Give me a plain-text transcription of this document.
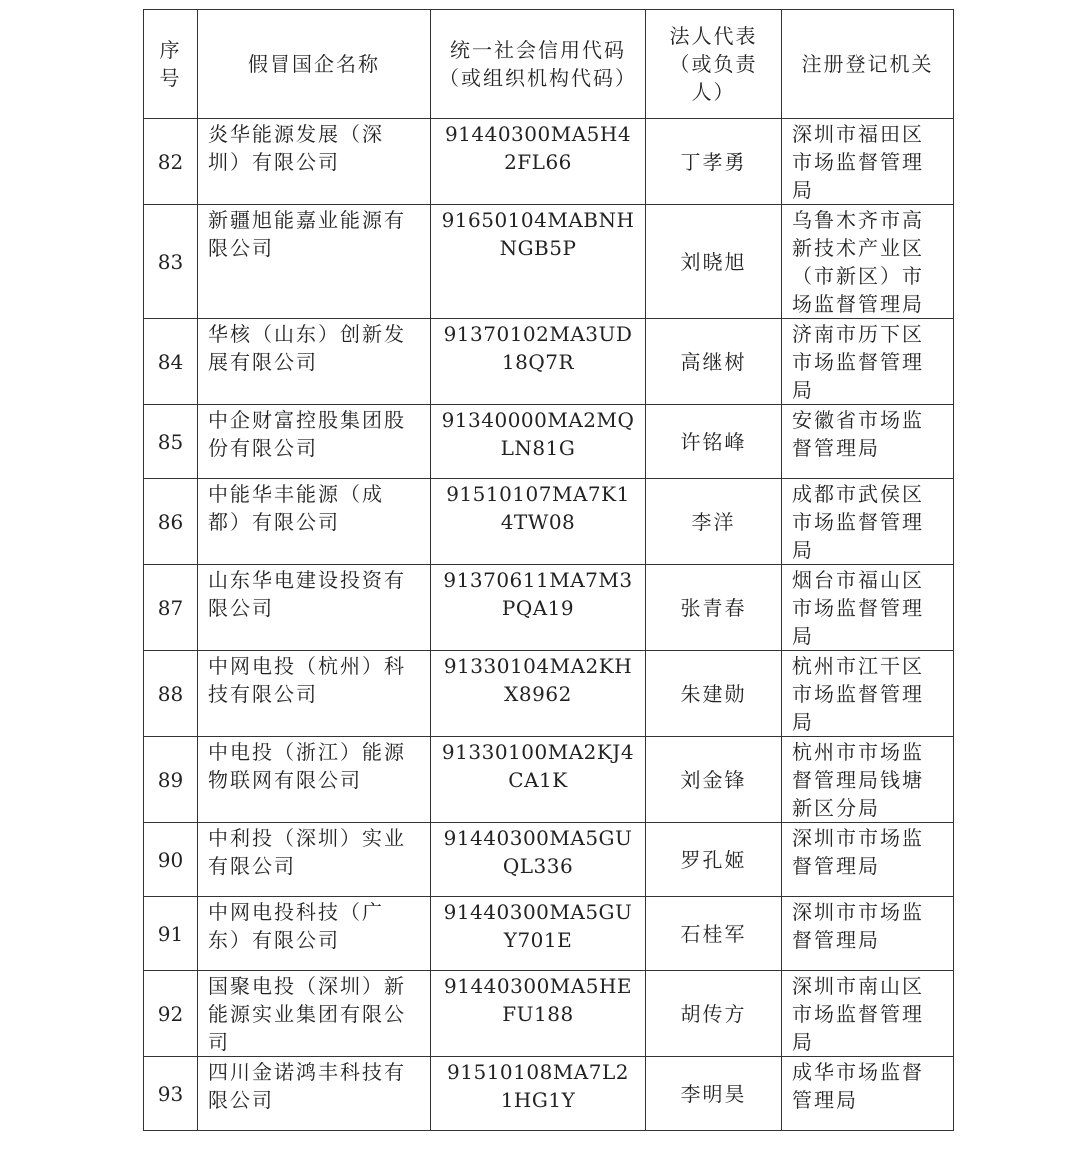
序号	假冒国企名称	统一社会信用代码（或组织机构代码）	法人代表（或负责人）	注册登记机关

82	炎华能源发展（深圳）有限公司	91440300MA5H42FL66	丁孝勇	深圳市福田区市场监督管理局

83	新疆旭能嘉业能源有限公司	91650104MABNHNGB5P	刘晓旭	乌鲁木齐市高新技术产业区（市新区）市场监督管理局

84	华核（山东）创新发展有限公司	91370102MA3UD18Q7R	高继树	济南市历下区市场监督管理局

85	中企财富控股集团股份有限公司	91340000MA2MQLN81G	许铭峰	安徽省市场监督管理局

86	中能华丰能源（成都）有限公司	91510107MA7K14TW08	李洋	成都市武侯区市场监督管理局

87	山东华电建设投资有限公司	91370611MA7M3PQA19	张青春	烟台市福山区市场监督管理局

88	中网电投（杭州）科技有限公司	91330104MA2KHX8962	朱建勋	杭州市江干区市场监督管理局

89	中电投（浙江）能源物联网有限公司	91330100MA2KJ4CA1K	刘金锋	杭州市市场监督管理局钱塘新区分局

90	中利投（深圳）实业有限公司	91440300MA5GUQL336	罗孔姬	深圳市市场监督管理局

91	中网电投科技（广东）有限公司	91440300MA5GUY701E	石桂军	深圳市市场监督管理局

92	国聚电投（深圳）新能源实业集团有限公司	91440300MA5HEFU188	胡传方	深圳市南山区市场监督管理局

93	四川金诺鸿丰科技有限公司	91510108MA7L21HG1Y	李明昊	成华市场监督管理局
